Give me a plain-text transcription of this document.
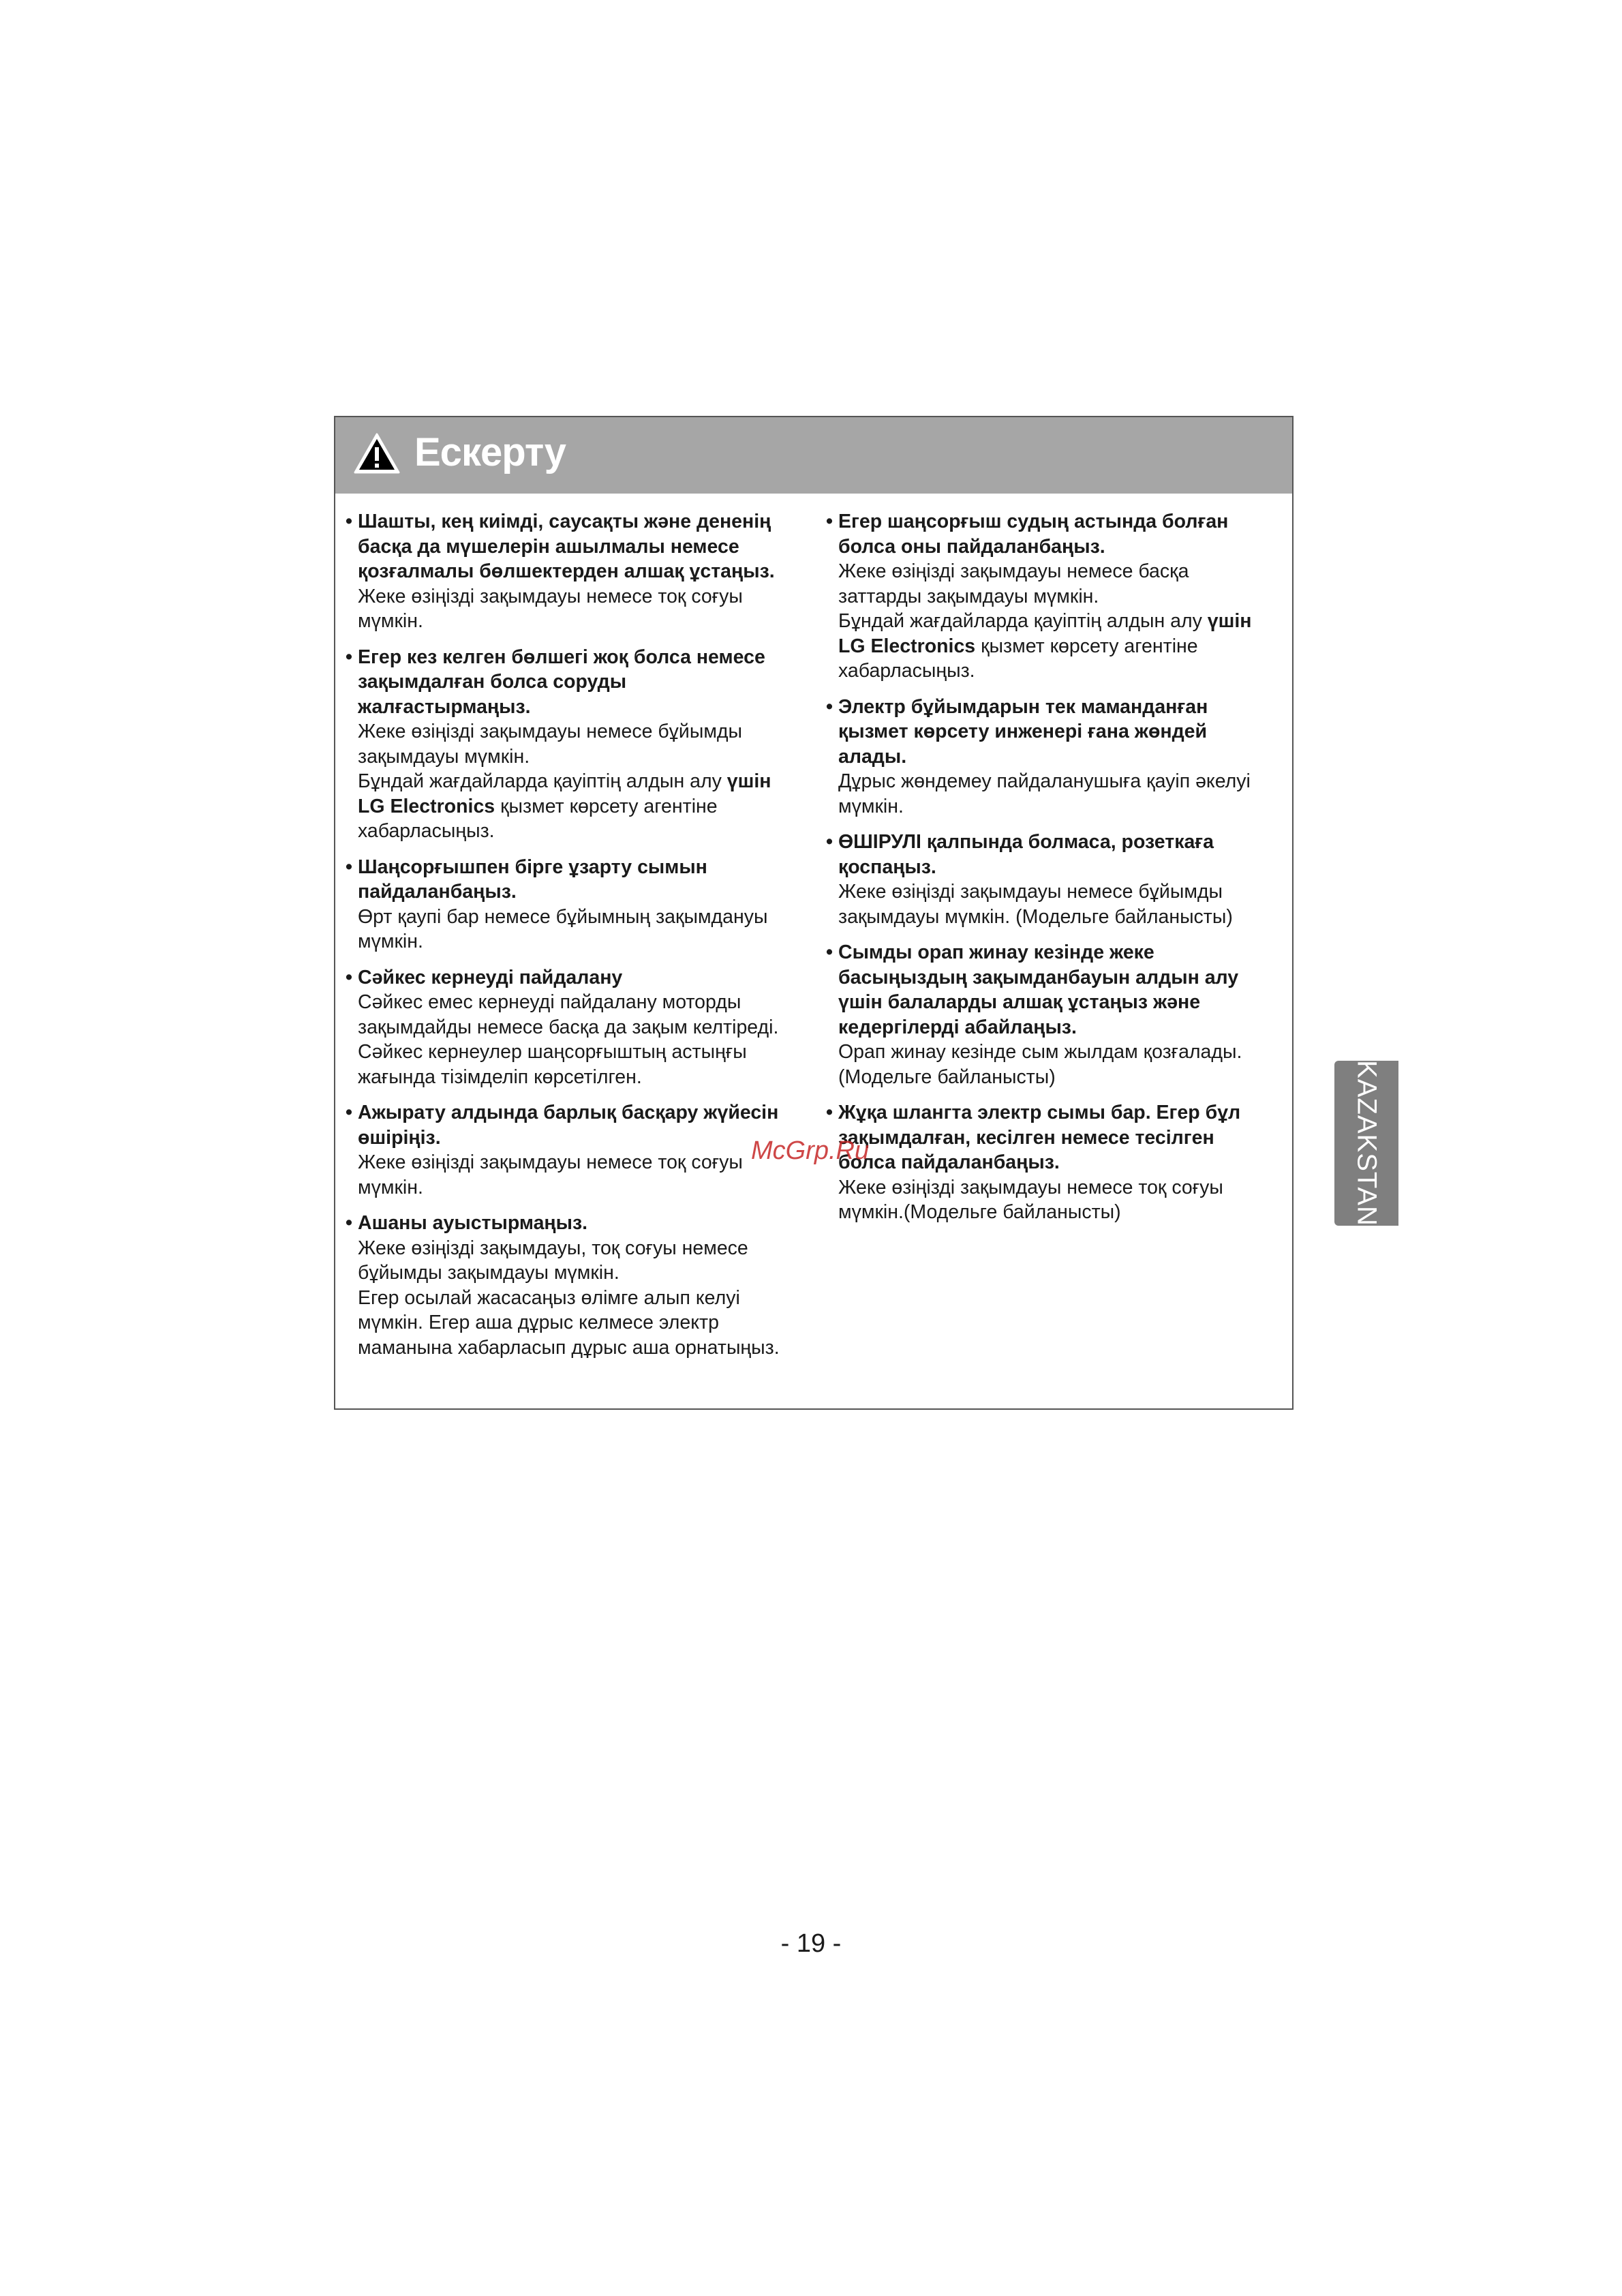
Ескерту
• Шашты, кең киімді, саусақты және дененің басқа да мүшелерін ашылмалы немесе қозғалмалы бөлшектерден алшақ ұстаңыз.
Жеке өзіңізді зақымдауы немесе тоқ соғуы мүмкін.
• Егер кез келген бөлшегі жоқ болса немесе зақымдалған болса соруды жалғастырмаңыз.
Жеке өзіңізді зақымдауы немесе бұйымды зақымдауы мүмкін.
Бұндай жағдайларда қауіптің алдын алу үшін LG Electronics қызмет көрсету агентіне хабарласыңыз.
• Шаңсорғышпен бірге ұзарту сымын пайдаланбаңыз.
Өрт қаупі бар немесе бұйымның зақымдануы мүмкін.
• Сәйкес кернеуді пайдалану
Сәйкес емес кернеуді пайдалану моторды зақымдайды немесе басқа да зақым келтіреді.
Сәйкес кернеулер шаңсорғыштың астыңғы жағында тізімделіп көрсетілген.
• Ажырату алдында барлық басқару жүйесін өшіріңіз.
Жеке өзіңізді зақымдауы немесе тоқ соғуы мүмкін.
• Ашаны ауыстырмаңыз.
Жеке өзіңізді зақымдауы, тоқ соғуы немесе бұйымды зақымдауы мүмкін.
Егер осылай жасасаңыз өлімге алып келуі мүмкін. Егер аша дұрыс келмесе электр маманына хабарласып дұрыс аша орнатыңыз.
• Егер шаңсорғыш судың астында болған болса оны пайдаланбаңыз.
Жеке өзіңізді зақымдауы немесе басқа заттарды зақымдауы мүмкін.
Бұндай жағдайларда қауіптің алдын алу үшін LG Electronics қызмет көрсету агентіне хабарласыңыз.
• Электр бұйымдарын тек маманданған қызмет көрсету инженері ғана жөндей алады.
Дұрыс жөндемеу пайдаланушыға қауіп әкелуі мүмкін.
• ӨШІРУЛІ қалпында болмаса, розеткаға қоспаңыз.
Жеке өзіңізді зақымдауы немесе бұйымды зақымдауы мүмкін. (Модельге байланысты)
• Сымды орап жинау кезінде жеке басыңыздың зақымданбауын алдын алу үшін балаларды алшақ ұстаңыз және кедергілерді абайлаңыз.
Орап жинау кезінде сым жылдам қозғалады. (Модельге байланысты)
• Жұқа шлангта электр сымы бар. Егер бұл зақымдалған, кесілген немесе тесілген болса пайдаланбаңыз.
Жеке өзіңізді зақымдауы немесе тоқ соғуы мүмкін.(Модельге байланысты)
McGrp.Ru	KAZAKSTAN
- 19 -
